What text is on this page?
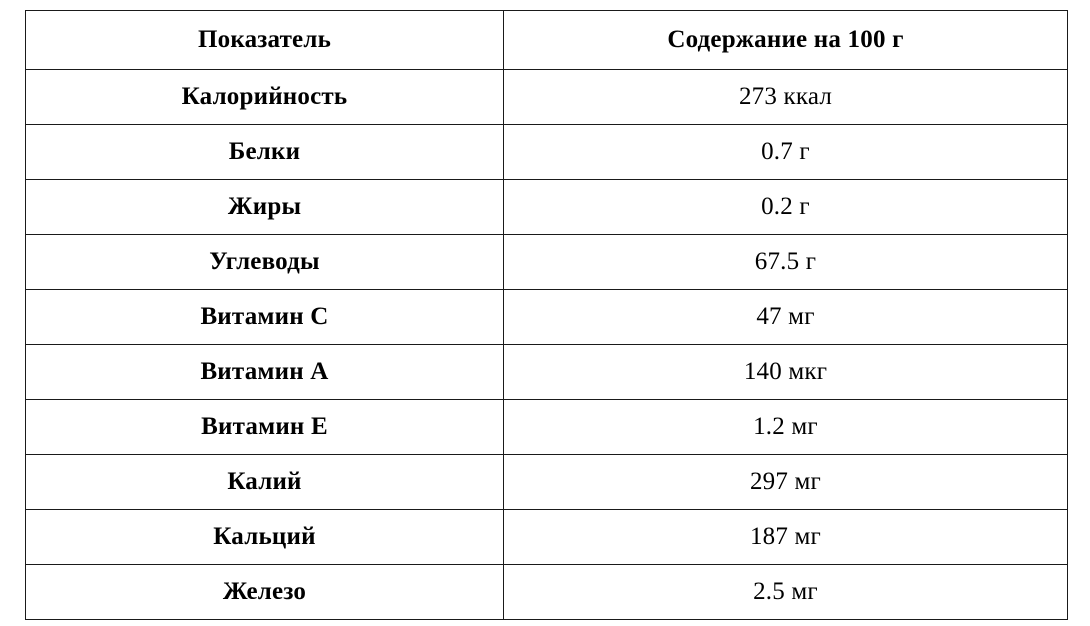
Показатель	Содержание на 100 г
Калорийность	273 ккал
Белки	0.7 г
Жиры	0.2 г
Углеводы	67.5 г
Витамин C	47 мг
Витамин A	140 мкг
Витамин E	1.2 мг
Калий	297 мг
Кальций	187 мг
Железо	2.5 мг
